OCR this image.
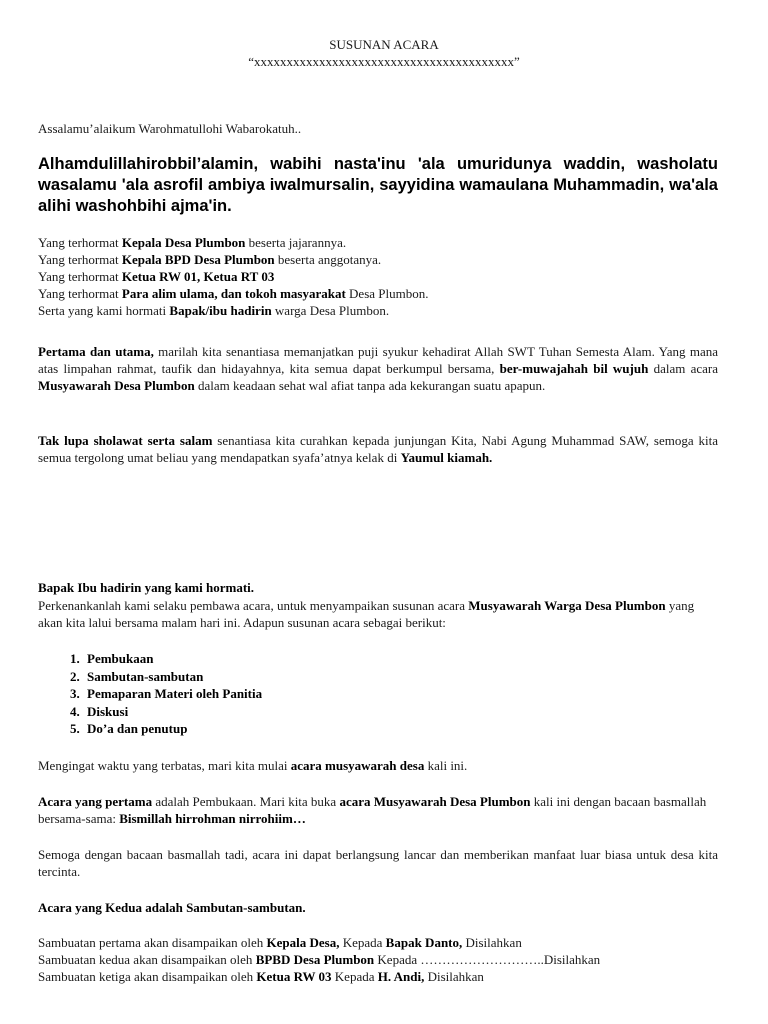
SUSUNAN ACARA

“xxxxxxxxxxxxxxxxxxxxxxxxxxxxxxxxxxxxxxxx”

Assalamu’alaikum Warohmatullohi Wabarokatuh..

Alhamdulillahirobbil’alamin, wabihi nasta'inu 'ala umuridunya waddin, washolatu wasalamu 'ala asrofil ambiya iwalmursalin, sayyidina wamaulana Muhammadin, wa'ala alihi washohbihi ajma'in.

Yang terhormat Kepala Desa Plumbon beserta jajarannya.
Yang terhormat Kepala BPD Desa Plumbon beserta anggotanya.
Yang terhormat Ketua RW 01, Ketua RT 03
Yang terhormat Para alim ulama, dan tokoh masyarakat Desa Plumbon.
Serta yang kami hormati Bapak/ibu hadirin warga Desa Plumbon.

Pertama dan utama, marilah kita senantiasa memanjatkan puji syukur kehadirat Allah SWT Tuhan Semesta Alam. Yang mana atas limpahan rahmat, taufik dan hidayahnya, kita semua dapat berkumpul bersama, ber-muwajahah bil wujuh dalam acara Musyawarah Desa Plumbon dalam keadaan sehat wal afiat tanpa ada kekurangan suatu apapun.

Tak lupa sholawat serta salam senantiasa kita curahkan kepada junjungan Kita, Nabi Agung Muhammad SAW, semoga kita semua tergolong umat beliau yang mendapatkan syafa’atnya kelak di Yaumul kiamah.

Bapak Ibu hadirin yang kami hormati.

Perkenankanlah kami selaku pembawa acara, untuk menyampaikan susunan acara Musyawarah Warga Desa Plumbon yang akan kita lalui bersama malam hari ini. Adapun susunan acara sebagai berikut:

1. Pembukaan
2. Sambutan-sambutan
3. Pemaparan Materi oleh Panitia
4. Diskusi
5. Do’a dan penutup

Mengingat waktu yang terbatas, mari kita mulai acara musyawarah desa kali ini.

Acara yang pertama adalah Pembukaan. Mari kita buka acara Musyawarah Desa Plumbon kali ini dengan bacaan basmallah bersama-sama: Bismillah hirrohman nirrohiim…

Semoga dengan bacaan basmallah tadi, acara ini dapat berlangsung lancar dan memberikan manfaat luar biasa untuk desa kita tercinta.

Acara yang Kedua adalah Sambutan-sambutan.

Sambuatan pertama akan disampaikan oleh Kepala Desa, Kepada Bapak Danto, Disilahkan
Sambuatan kedua akan disampaikan oleh BPBD Desa Plumbon Kepada ………………………..Disilahkan
Sambuatan ketiga akan disampaikan oleh Ketua RW 03 Kepada H. Andi, Disilahkan
